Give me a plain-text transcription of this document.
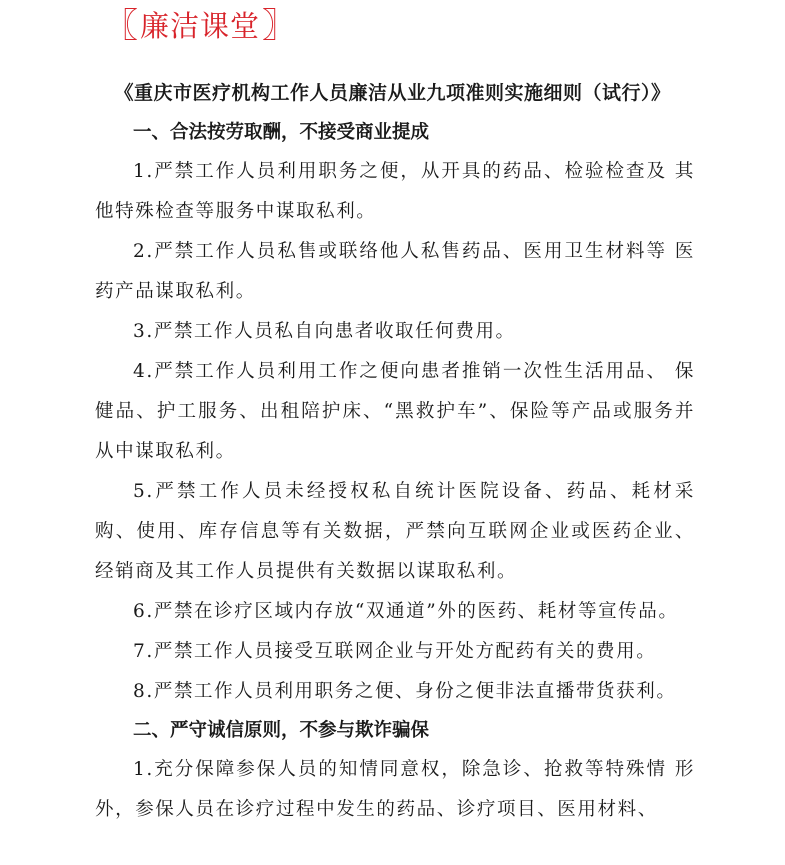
〖 廉洁课堂 〗
《重庆市医疗机构工作人员廉洁从业九项准则实施细则（试行）》

一、合法按劳取酬，不接受商业提成

1.严禁工作人员利用职务之便，从开具的药品、检验检查及 其他特殊检查等服务中谋取私利。

2.严禁工作人员私售或联络他人私售药品、医用卫生材料等 医药产品谋取私利。

3.严禁工作人员私自向患者收取任何费用。

4.严禁工作人员利用工作之便向患者推销一次性生活用品、 保健品、护工服务、出租陪护床、“黑救护车”、保险等产品或服务并从中谋取私利。

5.严禁工作人员未经授权私自统计医院设备、药品、耗材采购、使用、库存信息等有关数据，严禁向互联网企业或医药企业、经销商及其工作人员提供有关数据以谋取私利。

6.严禁在诊疗区域内存放“双通道”外的医药、耗材等宣传品。

7.严禁工作人员接受互联网企业与开处方配药有关的费用。

8.严禁工作人员利用职务之便、身份之便非法直播带货获利。

二、严守诚信原则，不参与欺诈骗保

1.充分保障参保人员的知情同意权，除急诊、抢救等特殊情 形外，参保人员在诊疗过程中发生的药品、诊疗项目、医用材料、
